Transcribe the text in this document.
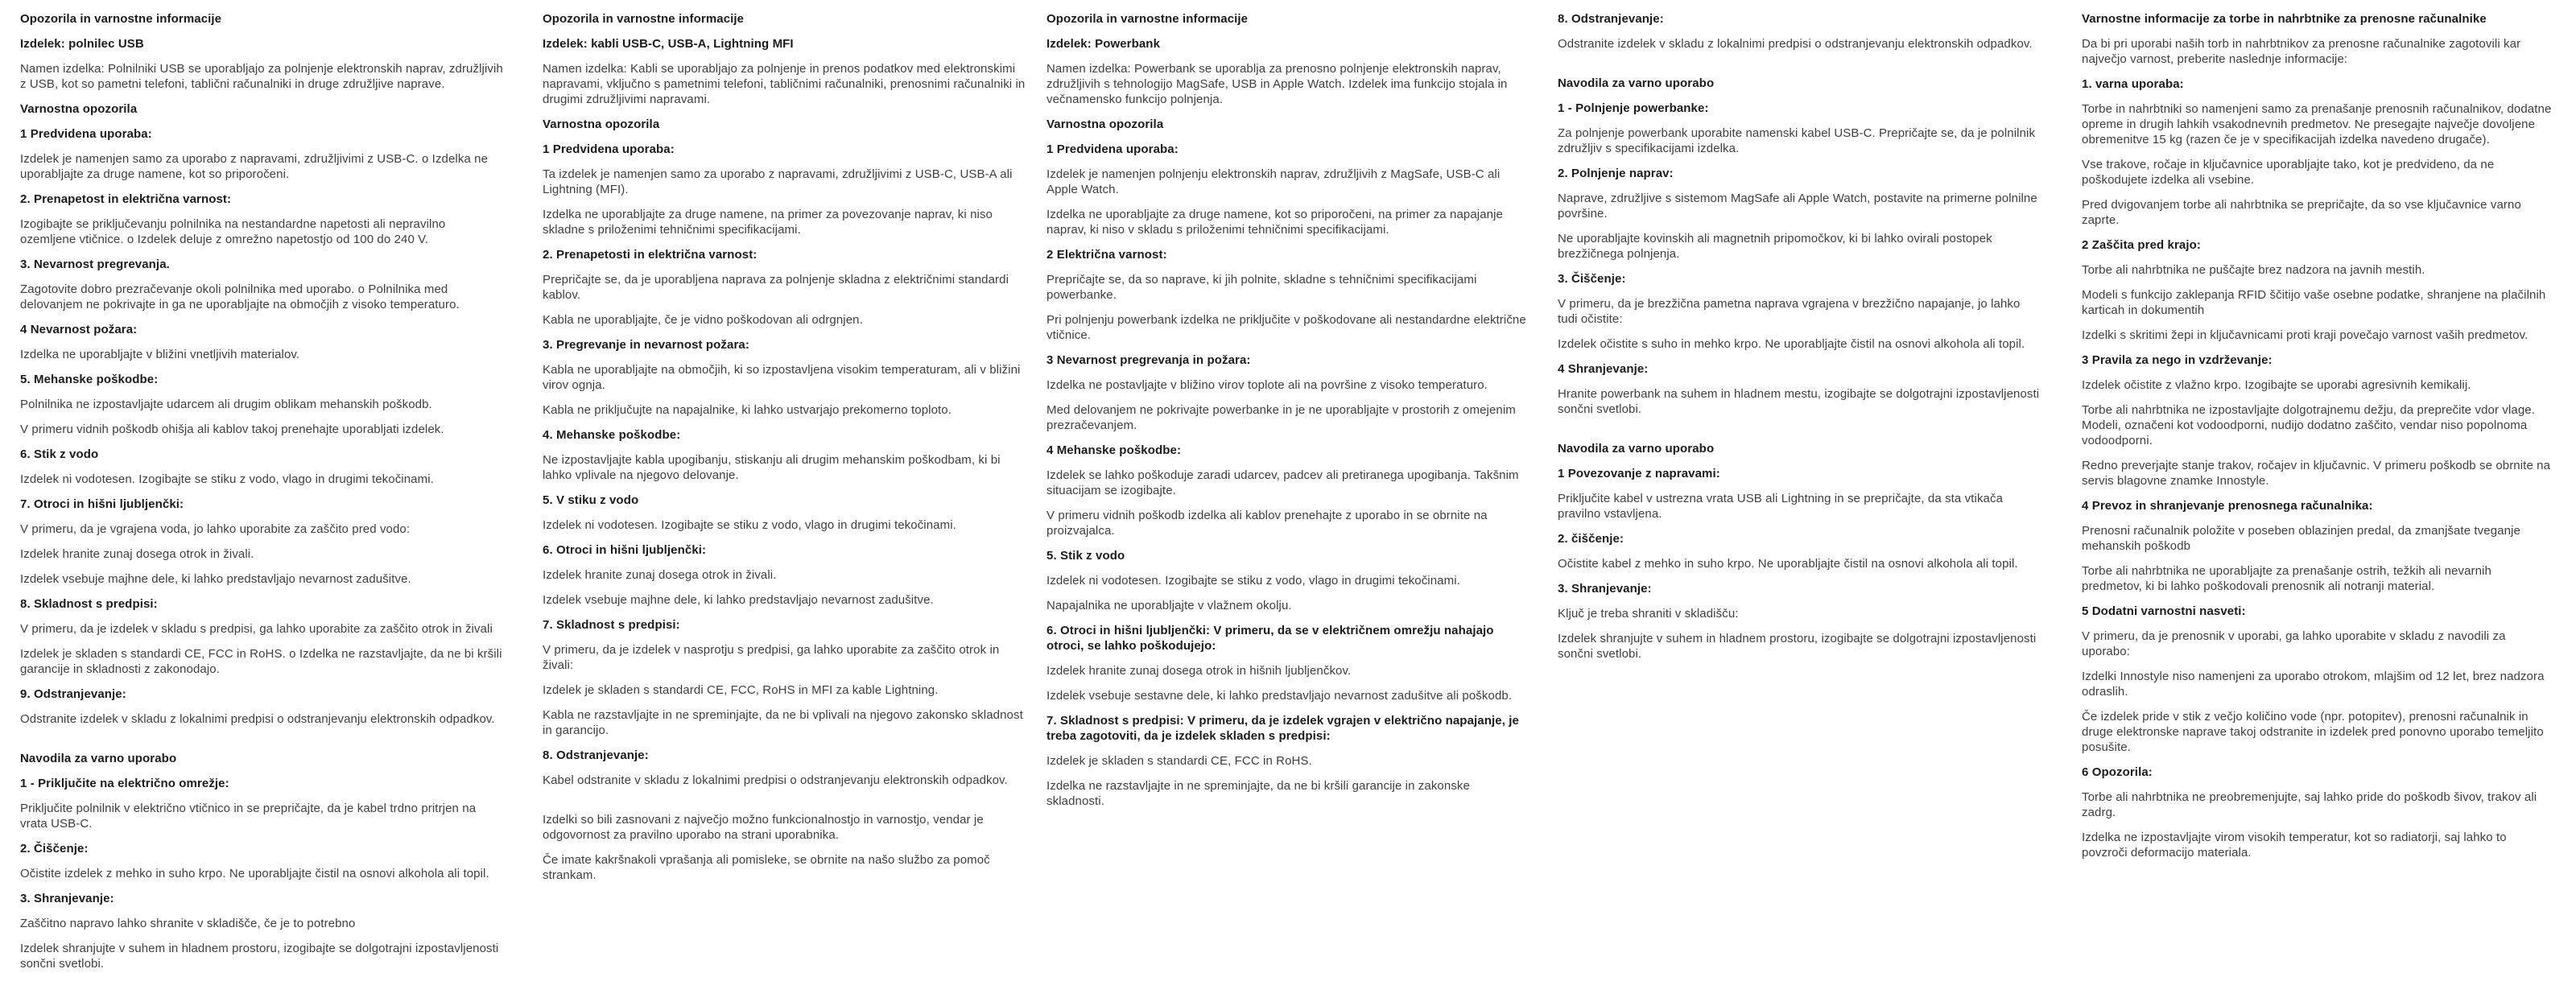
Opozorila in varnostne informacije
Izdelek: polnilec USB
Namen izdelka: Polnilniki USB se uporabljajo za polnjenje elektronskih naprav, združljivih z USB, kot so pametni telefoni, tablični računalniki in druge združljive naprave.
Varnostna opozorila
1 Predvidena uporaba:
Izdelek je namenjen samo za uporabo z napravami, združljivimi z USB-C. o Izdelka ne uporabljajte za druge namene, kot so priporočeni.
2. Prenapetost in električna varnost:
Izogibajte se priključevanju polnilnika na nestandardne napetosti ali nepravilno ozemljene vtičnice. o Izdelek deluje z omrežno napetostjo od 100 do 240 V.
3. Nevarnost pregrevanja.
Zagotovite dobro prezračevanje okoli polnilnika med uporabo. o Polnilnika med delovanjem ne pokrivajte in ga ne uporabljajte na območjih z visoko temperaturo.
4 Nevarnost požara:
Izdelka ne uporabljajte v bližini vnetljivih materialov.
5. Mehanske poškodbe:
Polnilnika ne izpostavljajte udarcem ali drugim oblikam mehanskih poškodb.
V primeru vidnih poškodb ohišja ali kablov takoj prenehajte uporabljati izdelek.
6. Stik z vodo
Izdelek ni vodotesen. Izogibajte se stiku z vodo, vlago in drugimi tekočinami.
7. Otroci in hišni ljubljenčki:
V primeru, da je vgrajena voda, jo lahko uporabite za zaščito pred vodo:
Izdelek hranite zunaj dosega otrok in živali.
Izdelek vsebuje majhne dele, ki lahko predstavljajo nevarnost zadušitve.
8. Skladnost s predpisi:
V primeru, da je izdelek v skladu s predpisi, ga lahko uporabite za zaščito otrok in živali
Izdelek je skladen s standardi CE, FCC in RoHS. o Izdelka ne razstavljajte, da ne bi kršili garancije in skladnosti z zakonodajo.
9. Odstranjevanje:
Odstranite izdelek v skladu z lokalnimi predpisi o odstranjevanju elektronskih odpadkov.
Navodila za varno uporabo
1 - Priključite na električno omrežje:
Priključite polnilnik v električno vtičnico in se prepričajte, da je kabel trdno pritrjen na vrata USB-C.
2. Čiščenje:
Očistite izdelek z mehko in suho krpo. Ne uporabljajte čistil na osnovi alkohola ali topil.
3. Shranjevanje:
Zaščitno napravo lahko shranite v skladišče, če je to potrebno
Izdelek shranjujte v suhem in hladnem prostoru, izogibajte se dolgotrajni izpostavljenosti sončni svetlobi.
Opozorila in varnostne informacije
Izdelek: kabli USB-C, USB-A, Lightning MFI
Namen izdelka: Kabli se uporabljajo za polnjenje in prenos podatkov med elektronskimi napravami, vključno s pametnimi telefoni, tabličnimi računalniki, prenosnimi računalniki in drugimi združljivimi napravami.
Varnostna opozorila
1 Predvidena uporaba:
Ta izdelek je namenjen samo za uporabo z napravami, združljivimi z USB-C, USB-A ali Lightning (MFI).
Izdelka ne uporabljajte za druge namene, na primer za povezovanje naprav, ki niso skladne s priloženimi tehničnimi specifikacijami.
2. Prenapetosti in električna varnost:
Prepričajte se, da je uporabljena naprava za polnjenje skladna z električnimi standardi kablov.
Kabla ne uporabljajte, če je vidno poškodovan ali odrgnjen.
3. Pregrevanje in nevarnost požara:
Kabla ne uporabljajte na območjih, ki so izpostavljena visokim temperaturam, ali v bližini virov ognja.
Kabla ne priključujte na napajalnike, ki lahko ustvarjajo prekomerno toploto.
4. Mehanske poškodbe:
Ne izpostavljajte kabla upogibanju, stiskanju ali drugim mehanskim poškodbam, ki bi lahko vplivale na njegovo delovanje.
5. V stiku z vodo
Izdelek ni vodotesen. Izogibajte se stiku z vodo, vlago in drugimi tekočinami.
6. Otroci in hišni ljubljenčki:
Izdelek hranite zunaj dosega otrok in živali.
Izdelek vsebuje majhne dele, ki lahko predstavljajo nevarnost zadušitve.
7. Skladnost s predpisi:
V primeru, da je izdelek v nasprotju s predpisi, ga lahko uporabite za zaščito otrok in živali:
Izdelek je skladen s standardi CE, FCC, RoHS in MFI za kable Lightning.
Kabla ne razstavljajte in ne spreminjajte, da ne bi vplivali na njegovo zakonsko skladnost in garancijo.
8. Odstranjevanje:
Kabel odstranite v skladu z lokalnimi predpisi o odstranjevanju elektronskih odpadkov.
Izdelki so bili zasnovani z največjo možno funkcionalnostjo in varnostjo, vendar je odgovornost za pravilno uporabo na strani uporabnika.
Če imate kakršnakoli vprašanja ali pomisleke, se obrnite na našo službo za pomoč strankam.
Opozorila in varnostne informacije
Izdelek: Powerbank
Namen izdelka: Powerbank se uporablja za prenosno polnjenje elektronskih naprav, združljivih s tehnologijo MagSafe, USB in Apple Watch. Izdelek ima funkcijo stojala in večnamensko funkcijo polnjenja.
Varnostna opozorila
1 Predvidena uporaba:
Izdelek je namenjen polnjenju elektronskih naprav, združljivih z MagSafe, USB-C ali Apple Watch.
Izdelka ne uporabljajte za druge namene, kot so priporočeni, na primer za napajanje naprav, ki niso v skladu s priloženimi tehničnimi specifikacijami.
2 Električna varnost:
Prepričajte se, da so naprave, ki jih polnite, skladne s tehničnimi specifikacijami powerbanke.
Pri polnjenju powerbank izdelka ne priključite v poškodovane ali nestandardne električne vtičnice.
3 Nevarnost pregrevanja in požara:
Izdelka ne postavljajte v bližino virov toplote ali na površine z visoko temperaturo.
Med delovanjem ne pokrivajte powerbanke in je ne uporabljajte v prostorih z omejenim prezračevanjem.
4 Mehanske poškodbe:
Izdelek se lahko poškoduje zaradi udarcev, padcev ali pretiranega upogibanja. Takšnim situacijam se izogibajte.
V primeru vidnih poškodb izdelka ali kablov prenehajte z uporabo in se obrnite na proizvajalca.
5. Stik z vodo
Izdelek ni vodotesen. Izogibajte se stiku z vodo, vlago in drugimi tekočinami.
Napajalnika ne uporabljajte v vlažnem okolju.
6. Otroci in hišni ljubljenčki: V primeru, da se v električnem omrežju nahajajo otroci, se lahko poškodujejo:
Izdelek hranite zunaj dosega otrok in hišnih ljubljenčkov.
Izdelek vsebuje sestavne dele, ki lahko predstavljajo nevarnost zadušitve ali poškodb.
7. Skladnost s predpisi: V primeru, da je izdelek vgrajen v električno napajanje, je treba zagotoviti, da je izdelek skladen s predpisi:
Izdelek je skladen s standardi CE, FCC in RoHS.
Izdelka ne razstavljajte in ne spreminjajte, da ne bi kršili garancije in zakonske skladnosti.
8. Odstranjevanje:
Odstranite izdelek v skladu z lokalnimi predpisi o odstranjevanju elektronskih odpadkov.
Navodila za varno uporabo
1 - Polnjenje powerbanke:
Za polnjenje powerbank uporabite namenski kabel USB-C. Prepričajte se, da je polnilnik združljiv s specifikacijami izdelka.
2. Polnjenje naprav:
Naprave, združljive s sistemom MagSafe ali Apple Watch, postavite na primerne polnilne površine.
Ne uporabljajte kovinskih ali magnetnih pripomočkov, ki bi lahko ovirali postopek brezžičnega polnjenja.
3. Čiščenje:
V primeru, da je brezžična pametna naprava vgrajena v brezžično napajanje, jo lahko tudi očistite:
Izdelek očistite s suho in mehko krpo. Ne uporabljajte čistil na osnovi alkohola ali topil.
4 Shranjevanje:
Hranite powerbank na suhem in hladnem mestu, izogibajte se dolgotrajni izpostavljenosti sončni svetlobi.
Navodila za varno uporabo
1 Povezovanje z napravami:
Priključite kabel v ustrezna vrata USB ali Lightning in se prepričajte, da sta vtikača pravilno vstavljena.
2. čiščenje:
Očistite kabel z mehko in suho krpo. Ne uporabljajte čistil na osnovi alkohola ali topil.
3. Shranjevanje:
Ključ je treba shraniti v skladišču:
Izdelek shranjujte v suhem in hladnem prostoru, izogibajte se dolgotrajni izpostavljenosti sončni svetlobi.
Varnostne informacije za torbe in nahrbtnike za prenosne računalnike
Da bi pri uporabi naših torb in nahrbtnikov za prenosne računalnike zagotovili kar največjo varnost, preberite naslednje informacije:
1. varna uporaba:
Torbe in nahrbtniki so namenjeni samo za prenašanje prenosnih računalnikov, dodatne opreme in drugih lahkih vsakodnevnih predmetov. Ne presegajte največje dovoljene obremenitve 15 kg (razen če je v specifikacijah izdelka navedeno drugače).
Vse trakove, ročaje in ključavnice uporabljajte tako, kot je predvideno, da ne poškodujete izdelka ali vsebine.
Pred dvigovanjem torbe ali nahrbtnika se prepričajte, da so vse ključavnice varno zaprte.
2 Zaščita pred krajo:
Torbe ali nahrbtnika ne puščajte brez nadzora na javnih mestih.
Modeli s funkcijo zaklepanja RFID ščitijo vaše osebne podatke, shranjene na plačilnih karticah in dokumentih
Izdelki s skritimi žepi in ključavnicami proti kraji povečajo varnost vaših predmetov.
3 Pravila za nego in vzdrževanje:
Izdelek očistite z vlažno krpo. Izogibajte se uporabi agresivnih kemikalij.
Torbe ali nahrbtnika ne izpostavljajte dolgotrajnemu dežju, da preprečite vdor vlage. Modeli, označeni kot vodoodporni, nudijo dodatno zaščito, vendar niso popolnoma vodoodporni.
Redno preverjajte stanje trakov, ročajev in ključavnic. V primeru poškodb se obrnite na servis blagovne znamke Innostyle.
4 Prevoz in shranjevanje prenosnega računalnika:
Prenosni računalnik položite v poseben oblazinjen predal, da zmanjšate tveganje mehanskih poškodb
Torbe ali nahrbtnika ne uporabljajte za prenašanje ostrih, težkih ali nevarnih predmetov, ki bi lahko poškodovali prenosnik ali notranji material.
5 Dodatni varnostni nasveti:
V primeru, da je prenosnik v uporabi, ga lahko uporabite v skladu z navodili za uporabo:
Izdelki Innostyle niso namenjeni za uporabo otrokom, mlajšim od 12 let, brez nadzora odraslih.
Če izdelek pride v stik z večjo količino vode (npr. potopitev), prenosni računalnik in druge elektronske naprave takoj odstranite in izdelek pred ponovno uporabo temeljito posušite.
6 Opozorila:
Torbe ali nahrbtnika ne preobremenjujte, saj lahko pride do poškodb šivov, trakov ali zadrg.
Izdelka ne izpostavljajte virom visokih temperatur, kot so radiatorji, saj lahko to povzroči deformacijo materiala.
